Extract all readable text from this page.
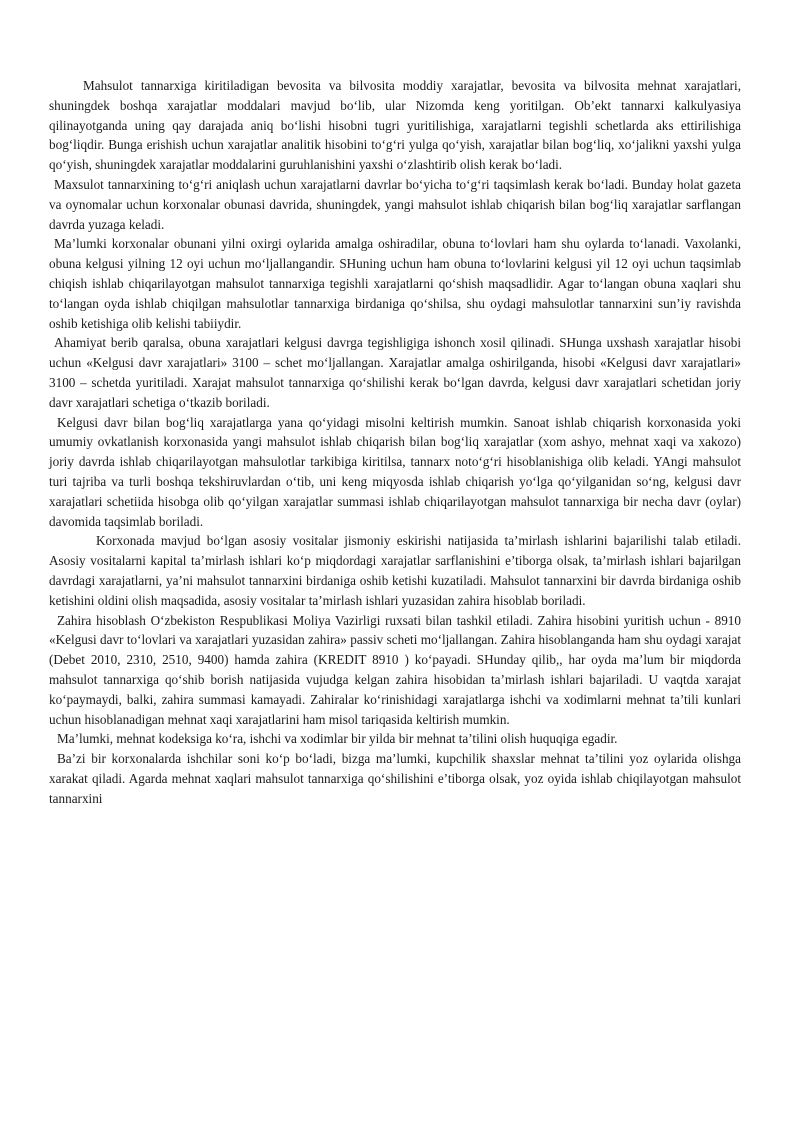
Mahsulot tannarxiga kiritiladigan bevosita va bilvosita moddiy xarajatlar, bevosita va bilvosita mehnat xarajatlari, shuningdek boshqa xarajatlar moddalari mavjud bo‘lib, ular Nizomda keng yoritilgan. Ob’ekt tannarxi kalkulyasiya qilinayotganda uning qay darajada aniq bo‘lishi hisobni tugri yuritilishiga, xarajatlarni tegishli schetlarda aks ettirilishiga bog‘liqdir. Bunga erishish uchun xarajatlar analitik hisobini to‘g‘ri yulga qo‘yish, xarajatlar bilan bog‘liq, xo‘jalikni yaxshi yulga qo‘yish, shuningdek xarajatlar moddalarini guruhlanishini yaxshi o‘zlashtirib olish kerak bo‘ladi.

Maxsulot tannarxining to‘g‘ri aniqlash uchun xarajatlarni davrlar bo‘yicha to‘g‘ri taqsimlash kerak bo‘ladi. Bunday holat gazeta va oynomalar uchun korxonalar obunasi davrida, shuningdek, yangi mahsulot ishlab chiqarish bilan bog‘liq xarajatlar sarflangan davrda yuzaga keladi.

Ma’lumki korxonalar obunani yilni oxirgi oylarida amalga oshiradilar, obuna to‘lovlari ham shu oylarda to‘lanadi. Vaxolanki, obuna kelgusi yilning 12 oyi uchun mo‘ljallangandir. SHuning uchun ham obuna to‘lovlarini kelgusi yil 12 oyi uchun taqsimlab chiqish ishlab chiqarilayotgan mahsulot tannarxiga tegishli xarajatlarni qo‘shish maqsadlidir. Agar to‘langan obuna xaqlari shu to‘langan oyda ishlab chiqilgan mahsulotlar tannarxiga birdaniga qo‘shilsa, shu oydagi mahsulotlar tannarxini sun’iy ravishda oshib ketishiga olib kelishi tabiiydir.

Ahamiyat berib qaralsa, obuna xarajatlari kelgusi davrga tegishligiga ishonch xosil qilinadi. SHunga uxshash xarajatlar hisobi uchun «Kelgusi davr xarajatlari» 3100 – schet mo‘ljallangan. Xarajatlar amalga oshirilganda, hisobi «Kelgusi davr xarajatlari» 3100 – schetda yuritiladi. Xarajat mahsulot tannarxiga qo‘shilishi kerak bo‘lgan davrda, kelgusi davr xarajatlari schetidan joriy davr xarajatlari schetiga o‘tkazib boriladi.

Kelgusi davr bilan bog‘liq xarajatlarga yana qo‘yidagi misolni keltirish mumkin. Sanoat ishlab chiqarish korxonasida yoki umumiy ovkatlanish korxonasida yangi mahsulot ishlab chiqarish bilan bog‘liq xarajatlar (xom ashyo, mehnat xaqi va xakozo) joriy davrda ishlab chiqarilayotgan mahsulotlar tarkibiga kiritilsa, tannarx noto‘g‘ri hisoblanishiga olib keladi. YAngi mahsulot turi tajriba va turli boshqa tekshiruvlardan o‘tib, uni keng miqyosda ishlab chiqarish yo‘lga qo‘yilganidan so‘ng, kelgusi davr xarajatlari schetiida hisobga olib qo‘yilgan xarajatlar summasi ishlab chiqarilayotgan mahsulot tannarxiga bir necha davr (oylar) davomida taqsimlab boriladi.

Korxonada mavjud bo‘lgan asosiy vositalar jismoniy eskirishi natijasida ta’mirlash ishlarini bajarilishi talab etiladi. Asosiy vositalarni kapital ta’mirlash ishlari ko‘p miqdordagi xarajatlar sarflanishini e’tiborga olsak, ta’mirlash ishlari bajarilgan davrdagi xarajatlarni, ya’ni mahsulot tannarxini birdaniga oshib ketishi kuzatiladi. Mahsulot tannarxini bir davrda birdaniga oshib ketishini oldini olish maqsadida, asosiy vositalar ta’mirlash ishlari yuzasidan zahira hisoblab boriladi.

Zahira hisoblash O‘zbekiston Respublikasi Moliya Vazirligi ruxsati bilan tashkil etiladi. Zahira hisobini yuritish uchun - 8910 «Kelgusi davr to‘lovlari va xarajatlari yuzasidan zahira» passiv scheti mo‘ljallangan. Zahira hisoblanganda ham shu oydagi xarajat (Debet 2010, 2310, 2510, 9400) hamda zahira (KREDIT 8910 ) ko‘payadi. SHunday qilib,, har oyda ma’lum bir miqdorda mahsulot tannarxiga qo‘shib borish natijasida vujudga kelgan zahira hisobidan ta’mirlash ishlari bajariladi. U vaqtda xarajat ko‘paymaydi, balki, zahira summasi kamayadi. Zahiralar ko‘rinishidagi xarajatlarga ishchi va xodimlarni mehnat ta’tili kunlari uchun hisoblanadigan mehnat xaqi xarajatlarini ham misol tariqasida keltirish mumkin.

Ma’lumki, mehnat kodeksiga ko‘ra, ishchi va xodimlar bir yilda bir mehnat ta’tilini olish huquqiga egadir.

Ba’zi bir korxonalarda ishchilar soni ko‘p bo‘ladi, bizga ma’lumki, kupchilik shaxslar mehnat ta’tilini yoz oylarida olishga xarakat qiladi. Agarda mehnat xaqlari mahsulot tannarxiga qo‘shilishini e’tiborga olsak, yoz oyida ishlab chiqilayotgan mahsulot tannarxini
